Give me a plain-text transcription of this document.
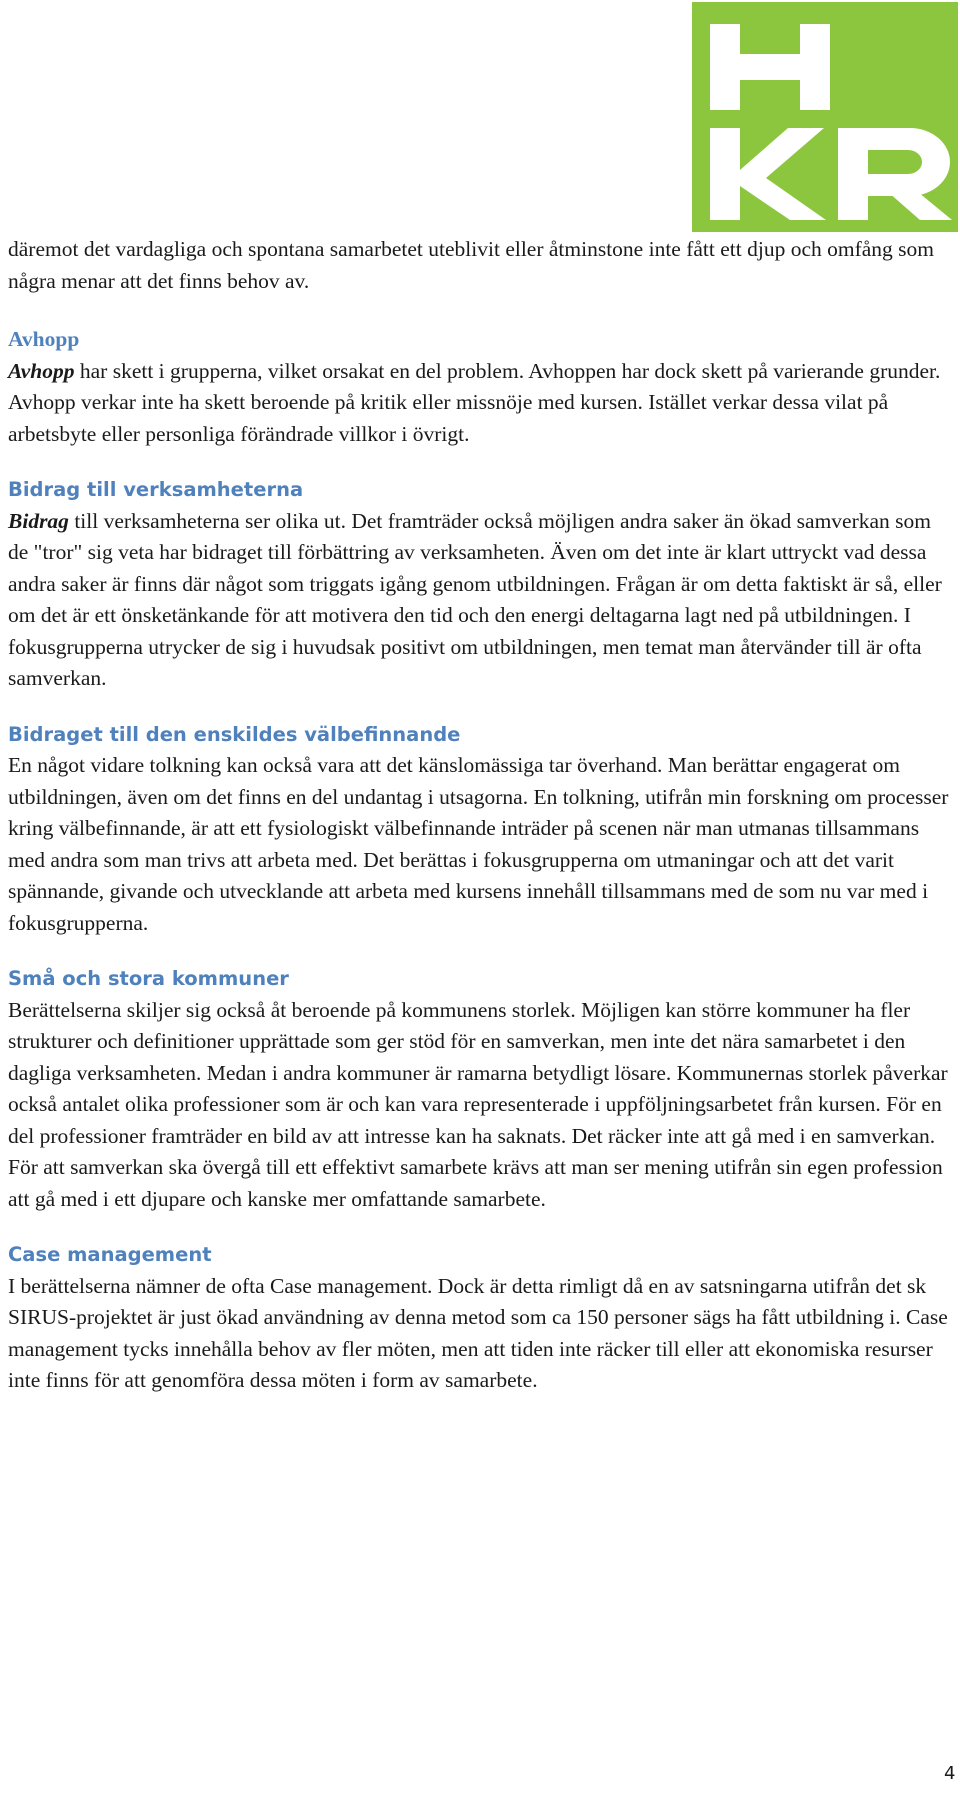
däremot det vardagliga och spontana samarbetet uteblivit eller åtminstone inte fått ett djup och omfång som några menar att det finns behov av.

Avhopp

Avhopp har skett i grupperna, vilket orsakat en del problem. Avhoppen har dock skett på varierande grunder. Avhopp verkar inte ha skett beroende på kritik eller missnöje med kursen. Istället verkar dessa vilat på arbetsbyte eller personliga förändrade villkor i övrigt.

Bidrag till verksamheterna

Bidrag till verksamheterna ser olika ut. Det framträder också möjligen andra saker än ökad samverkan som de "tror" sig veta har bidraget till förbättring av verksamheten. Även om det inte är klart uttryckt vad dessa andra saker är finns där något som triggats igång genom utbildningen. Frågan är om detta faktiskt är så, eller om det är ett önsketänkande för att motivera den tid och den energi deltagarna lagt ned på utbildningen. I fokusgrupperna utrycker de sig i huvudsak positivt om utbildningen, men temat man återvänder till är ofta samverkan.

Bidraget till den enskildes välbefinnande

En något vidare tolkning kan också vara att det känslomässiga tar överhand. Man berättar engagerat om utbildningen, även om det finns en del undantag i utsagorna. En tolkning, utifrån min forskning om processer kring välbefinnande, är att ett fysiologiskt välbefinnande inträder på scenen när man utmanas tillsammans med andra som man trivs att arbeta med. Det berättas i fokusgrupperna om utmaningar och att det varit spännande, givande och utvecklande att arbeta med kursens innehåll tillsammans med de som nu var med i fokusgrupperna.

Små och stora kommuner

Berättelserna skiljer sig också åt beroende på kommunens storlek. Möjligen kan större kommuner ha fler strukturer och definitioner upprättade som ger stöd för en samverkan, men inte det nära samarbetet i den dagliga verksamheten. Medan i andra kommuner är ramarna betydligt lösare. Kommunernas storlek påverkar också antalet olika professioner som är och kan vara representerade i uppföljningsarbetet från kursen. För en del professioner framträder en bild av att intresse kan ha saknats. Det räcker inte att gå med i en samverkan. För att samverkan ska övergå till ett effektivt samarbete krävs att man ser mening utifrån sin egen profession att gå med i ett djupare och kanske mer omfattande samarbete.

Case management

I berättelserna nämner de ofta Case management. Dock är detta rimligt då en av satsningarna utifrån det sk SIRUS-projektet är just ökad användning av denna metod som ca 150 personer sägs ha fått utbildning i. Case management tycks innehålla behov av fler möten, men att tiden inte räcker till eller att ekonomiska resurser inte finns för att genomföra dessa möten i form av samarbete.

4
